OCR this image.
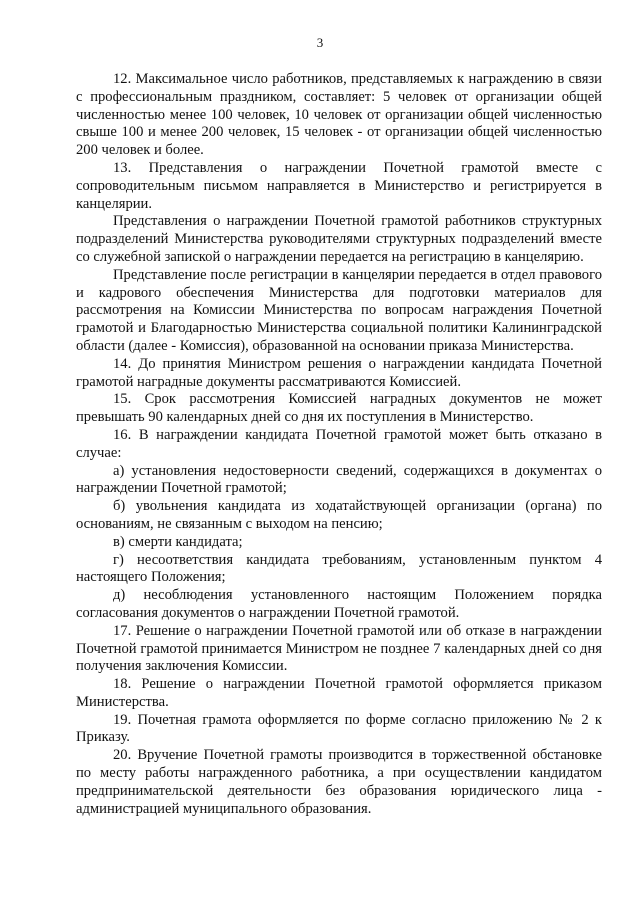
3

12. Максимальное число работников, представляемых к награждению в связи с профессиональным праздником, составляет: 5 человек от организации общей численностью менее 100 человек, 10 человек от организации общей численностью свыше 100 и менее 200 человек, 15 человек - от организации общей численностью 200 человек и более.

13. Представления о награждении Почетной грамотой вместе с сопроводительным письмом направляется в Министерство и регистрируется в канцелярии.

Представления о награждении Почетной грамотой работников структурных подразделений Министерства руководителями структурных подразделений вместе со служебной запиской о награждении передается на регистрацию в канцелярию.

Представление после регистрации в канцелярии передается в отдел правового и кадрового обеспечения Министерства для подготовки материалов для рассмотрения на Комиссии Министерства по вопросам награждения Почетной грамотой и Благодарностью Министерства социальной политики Калининградской области (далее - Комиссия), образованной на основании приказа Министерства.

14. До принятия Министром решения о награждении кандидата Почетной грамотой наградные документы рассматриваются Комиссией.

15. Срок рассмотрения Комиссией наградных документов не может превышать 90 календарных дней со дня их поступления в Министерство.

16. В награждении кандидата Почетной грамотой может быть отказано в случае:

а) установления недостоверности сведений, содержащихся в документах о награждении Почетной грамотой;

б) увольнения кандидата из ходатайствующей организации (органа) по основаниям, не связанным с выходом на пенсию;

в) смерти кандидата;

г) несоответствия кандидата требованиям, установленным пунктом 4 настоящего Положения;

д) несоблюдения установленного настоящим Положением порядка согласования документов о награждении Почетной грамотой.

17. Решение о награждении Почетной грамотой или об отказе в награждении Почетной грамотой принимается Министром не позднее 7 календарных дней со дня получения заключения Комиссии.

18. Решение о награждении Почетной грамотой оформляется приказом Министерства.

19. Почетная грамота оформляется по форме согласно приложению № 2 к Приказу.

20. Вручение Почетной грамоты производится в торжественной обстановке по месту работы награжденного работника, а при осуществлении кандидатом предпринимательской деятельности без образования юридического лица - администрацией муниципального образования.
